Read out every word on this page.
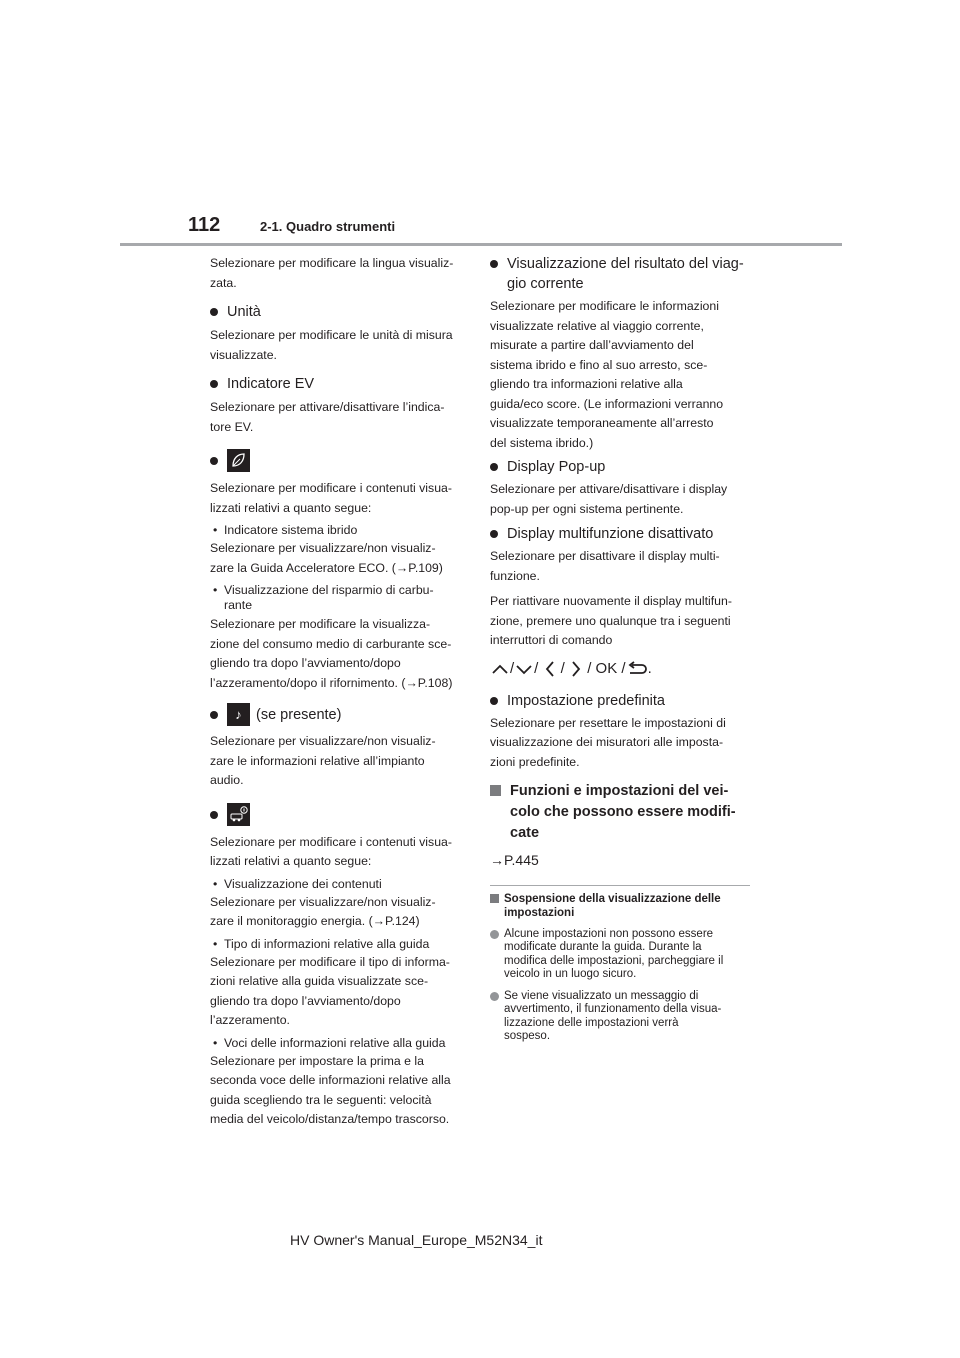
112	2-1. Quadro strumenti

Selezionare per modificare la lingua visualiz-
zata.

Unità

Selezionare per modificare le unità di misura
visualizzate.

Indicatore EV

Selezionare per attivare/disattivare l’indica-
tore EV.

Selezionare per modificare i contenuti visua-
lizzati relativi a quanto segue:

• Indicatore sistema ibrido

Selezionare per visualizzare/non visualiz-
zare la Guida Acceleratore ECO. (→P.109)

• Visualizzazione del risparmio di carbu-
rante

Selezionare per modificare la visualizza-
zione del consumo medio di carburante sce-
gliendo tra dopo l’avviamento/dopo
l’azzeramento/dopo il rifornimento. (→P.108)

♪ (se presente)

Selezionare per visualizzare/non visualiz-
zare le informazioni relative all’impianto
audio.

Selezionare per modificare i contenuti visua-
lizzati relativi a quanto segue:

• Visualizzazione dei contenuti

Selezionare per visualizzare/non visualiz-
zare il monitoraggio energia. (→P.124)

• Tipo di informazioni relative alla guida

Selezionare per modificare il tipo di informa-
zioni relative alla guida visualizzate sce-
gliendo tra dopo l’avviamento/dopo
l’azzeramento.

• Voci delle informazioni relative alla guida

Selezionare per impostare la prima e la
seconda voce delle informazioni relative alla
guida scegliendo tra le seguenti: velocità
media del veicolo/distanza/tempo trascorso.

Visualizzazione del risultato del viag-
gio corrente

Selezionare per modificare le informazioni
visualizzate relative al viaggio corrente,
misurate a partire dall’avviamento del
sistema ibrido e fino al suo arresto, sce-
gliendo tra informazioni relative alla
guida/eco score. (Le informazioni verranno
visualizzate temporaneamente all’arresto
del sistema ibrido.)

Display Pop-up

Selezionare per attivare/disattivare i display
pop-up per ogni sistema pertinente.

Display multifunzione disattivato

Selezionare per disattivare il display multi-
funzione.

Per riattivare nuovamente il display multifun-
zione, premere uno qualunque tra i seguenti
interruttori di comando

/ / / / OK / .

Impostazione predefinita

Selezionare per resettare le impostazioni di
visualizzazione dei misuratori alle imposta-
zioni predefinite.

Funzioni e impostazioni del vei-
colo che possono essere modifi-
cate

→P.445

Sospensione della visualizzazione delle
impostazioni

Alcune impostazioni non possono essere
modificate durante la guida. Durante la
modifica delle impostazioni, parcheggiare il
veicolo in un luogo sicuro.

Se viene visualizzato un messaggio di
avvertimento, il funzionamento della visua-
lizzazione delle impostazioni verrà
sospeso.

HV Owner's Manual_Europe_M52N34_it
